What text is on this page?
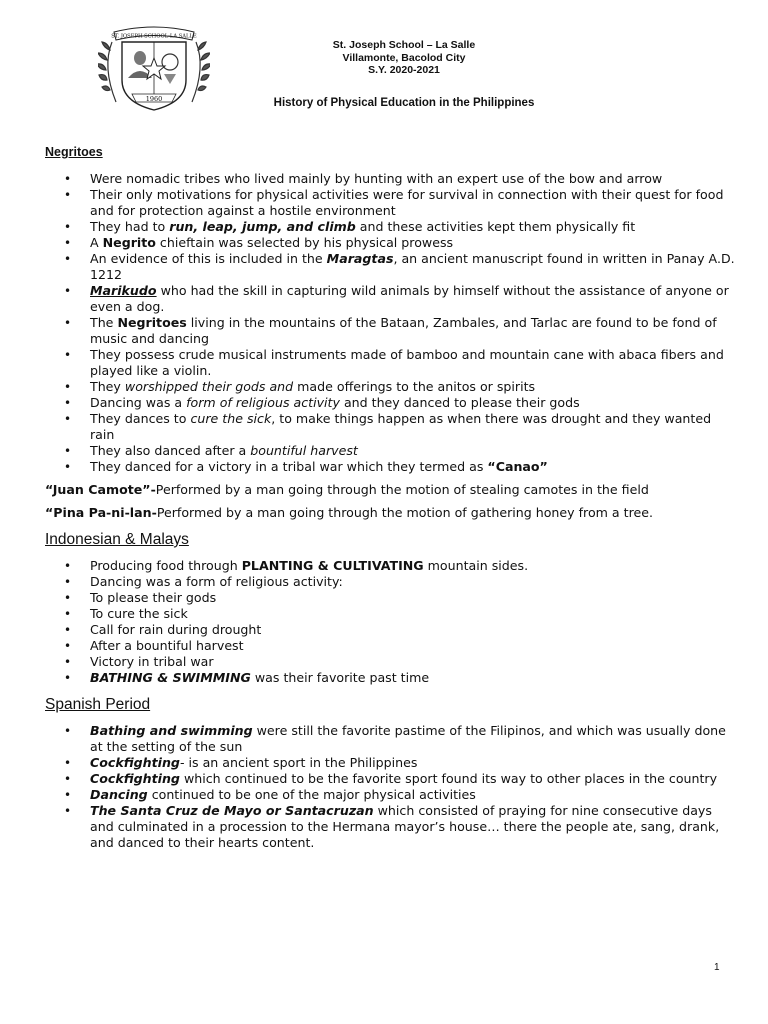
ST. JOSEPH SCHOOL-LA SALLE
1960
St. Joseph School – La Salle
Villamonte, Bacolod City
S.Y. 2020-2021
History of Physical Education in the Philippines
Negritoes
• Were nomadic tribes who lived mainly by hunting with an expert use of the bow and arrow
• Their only motivations for physical activities were for survival in connection with their quest for food and for protection against a hostile environment
• They had to run, leap, jump, and climb and these activities kept them physically fit
• A Negrito chieftain was selected by his physical prowess
• An evidence of this is included in the Maragtas, an ancient manuscript found in written in Panay A.D. 1212
• Marikudo who had the skill in capturing wild animals by himself without the assistance of anyone or even a dog.
• The Negritoes living in the mountains of the Bataan, Zambales, and Tarlac are found to be fond of music and dancing
• They possess crude musical instruments made of bamboo and mountain cane with abaca fibers and played like a violin.
• They worshipped their gods and made offerings to the anitos or spirits
• Dancing was a form of religious activity and they danced to please their gods
• They dances to cure the sick, to make things happen as when there was drought and they wanted rain
• They also danced after a bountiful harvest
• They danced for a victory in a tribal war which they termed as “Canao”

“Juan Camote”-Performed by a man going through the motion of stealing camotes in the field

“Pina Pa-ni-lan-Performed by a man going through the motion of gathering honey from a tree.

Indonesian & Malays
• Producing food through PLANTING & CULTIVATING mountain sides.
• Dancing was a form of religious activity:
• To please their gods
• To cure the sick
• Call for rain during drought
• After a bountiful harvest
• Victory in tribal war
• BATHING & SWIMMING was their favorite past time
Spanish Period
• Bathing and swimming were still the favorite pastime of the Filipinos, and which was usually done at the setting of the sun
• Cockfighting- is an ancient sport in the Philippines
• Cockfighting which continued to be the favorite sport found its way to other places in the country
• Dancing continued to be one of the major physical activities
• The Santa Cruz de Mayo or Santacruzan which consisted of praying for nine consecutive days and culminated in a procession to the Hermana mayor’s house… there the people ate, sang, drank, and danced to their hearts content.
1
